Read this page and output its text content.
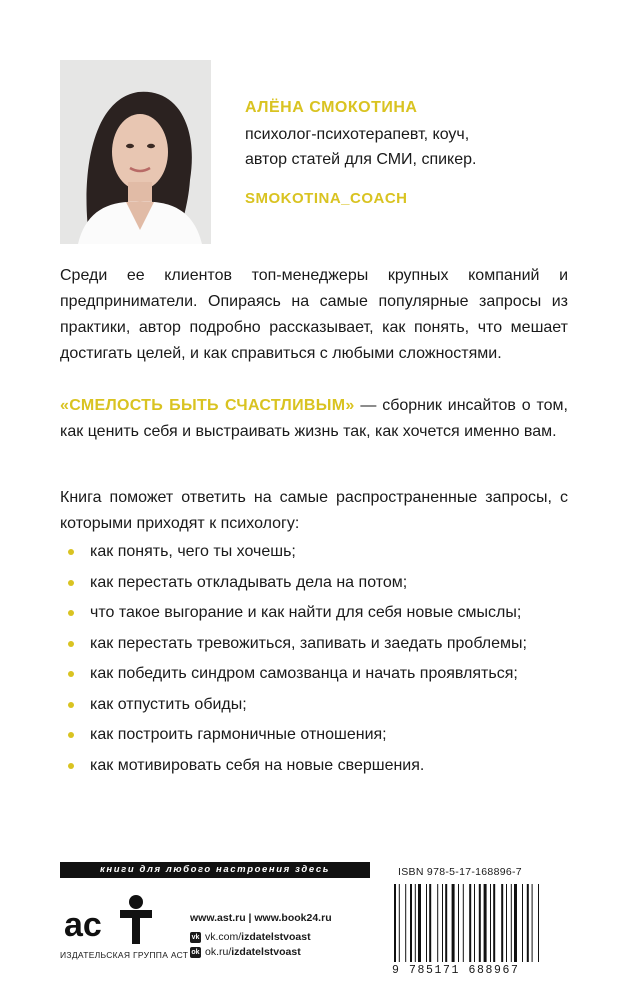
АЛЁНА СМОКОТИНА
психолог-психотерапевт, коуч,
автор статей для СМИ, спикер.
SMOKOTINA_COACH

Среди ее клиентов топ-менеджеры крупных компаний и предприниматели. Опираясь на самые популярные запросы из практики, автор подробно рассказывает, как понять, что мешает достигать целей, и как справиться с любыми сложностями.

«СМЕЛОСТЬ БЫТЬ СЧАСТЛИВЫМ» — сборник инсайтов о том, как ценить себя и выстраивать жизнь так, как хочется именно вам.

Книга поможет ответить на самые распространенные запросы, с которыми приходят к психологу:

как понять, чего ты хочешь;
как перестать откладывать дела на потом;
что такое выгорание и как найти для себя новые смыслы;
как перестать тревожиться, запивать и заедать проблемы;
как победить синдром самозванца и начать проявляться;
как отпустить обиды;
как построить гармоничные отношения;
как мотивировать себя на новые свершения.
книги для любого настроения здесь
ас
ИЗДАТЕЛЬСКАЯ ГРУППА АСТ
www.ast.ru | www.book24.ru
vk vk.com/ izdatelstvoast
ok ok.ru/ izdatelstvoast
ISBN 978-5-17-168896-7
9 785171 688967
